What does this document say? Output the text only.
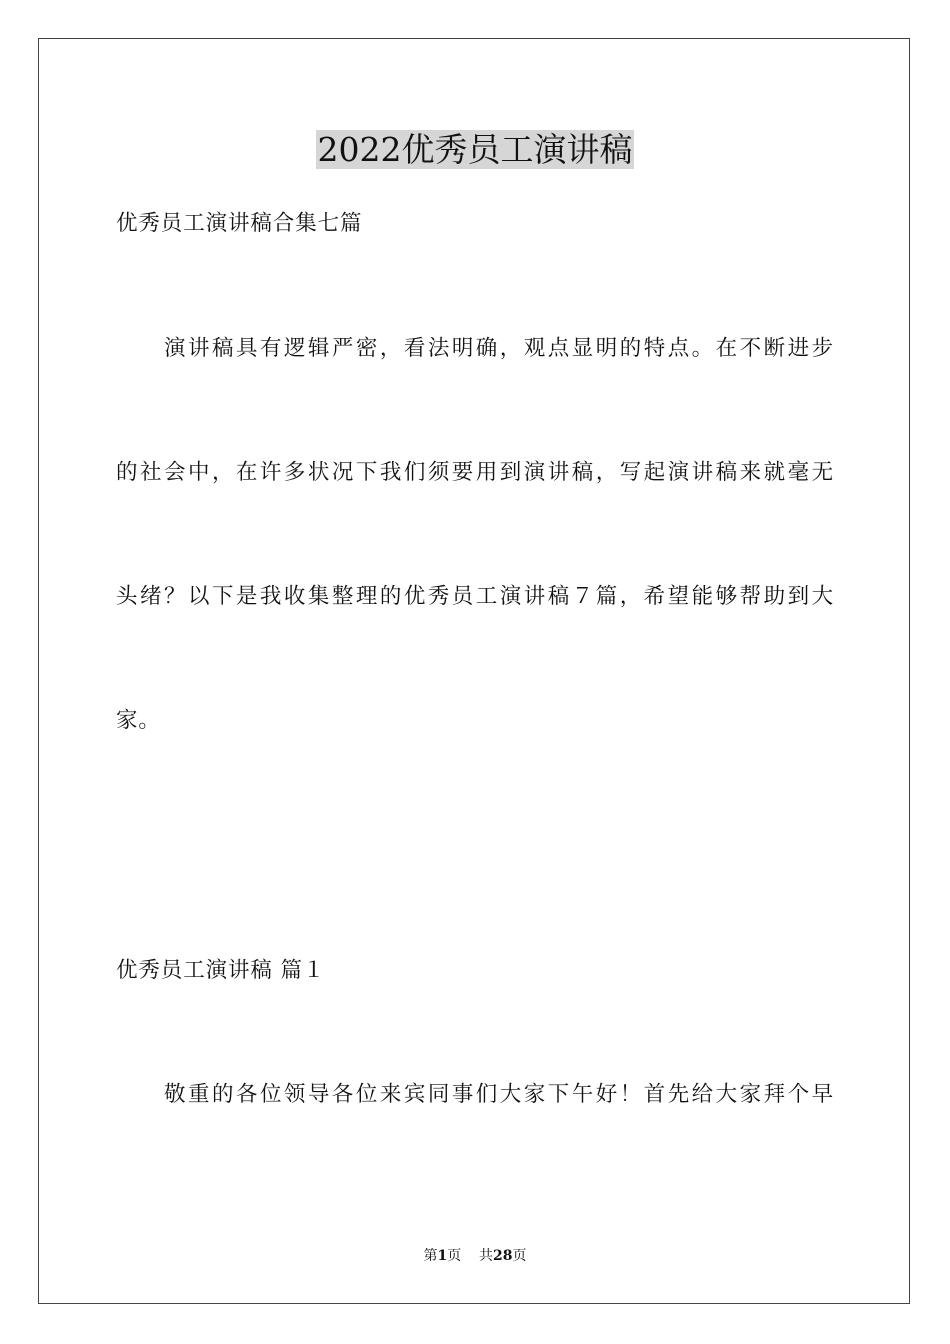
2022优秀员工演讲稿
优秀员工演讲稿合集七篇
演讲稿具有逻辑严密，看法明确，观点显明的特点。在不断进步
的社会中，在许多状况下我们须要用到演讲稿，写起演讲稿来就毫无
头绪？以下是我收集整理的优秀员工演讲稿７篇，希望能够帮助到大
家。
优秀员工演讲稿 篇１
敬重的各位领导各位来宾同事们大家下午好！首先给大家拜个早
第1页 共28页
